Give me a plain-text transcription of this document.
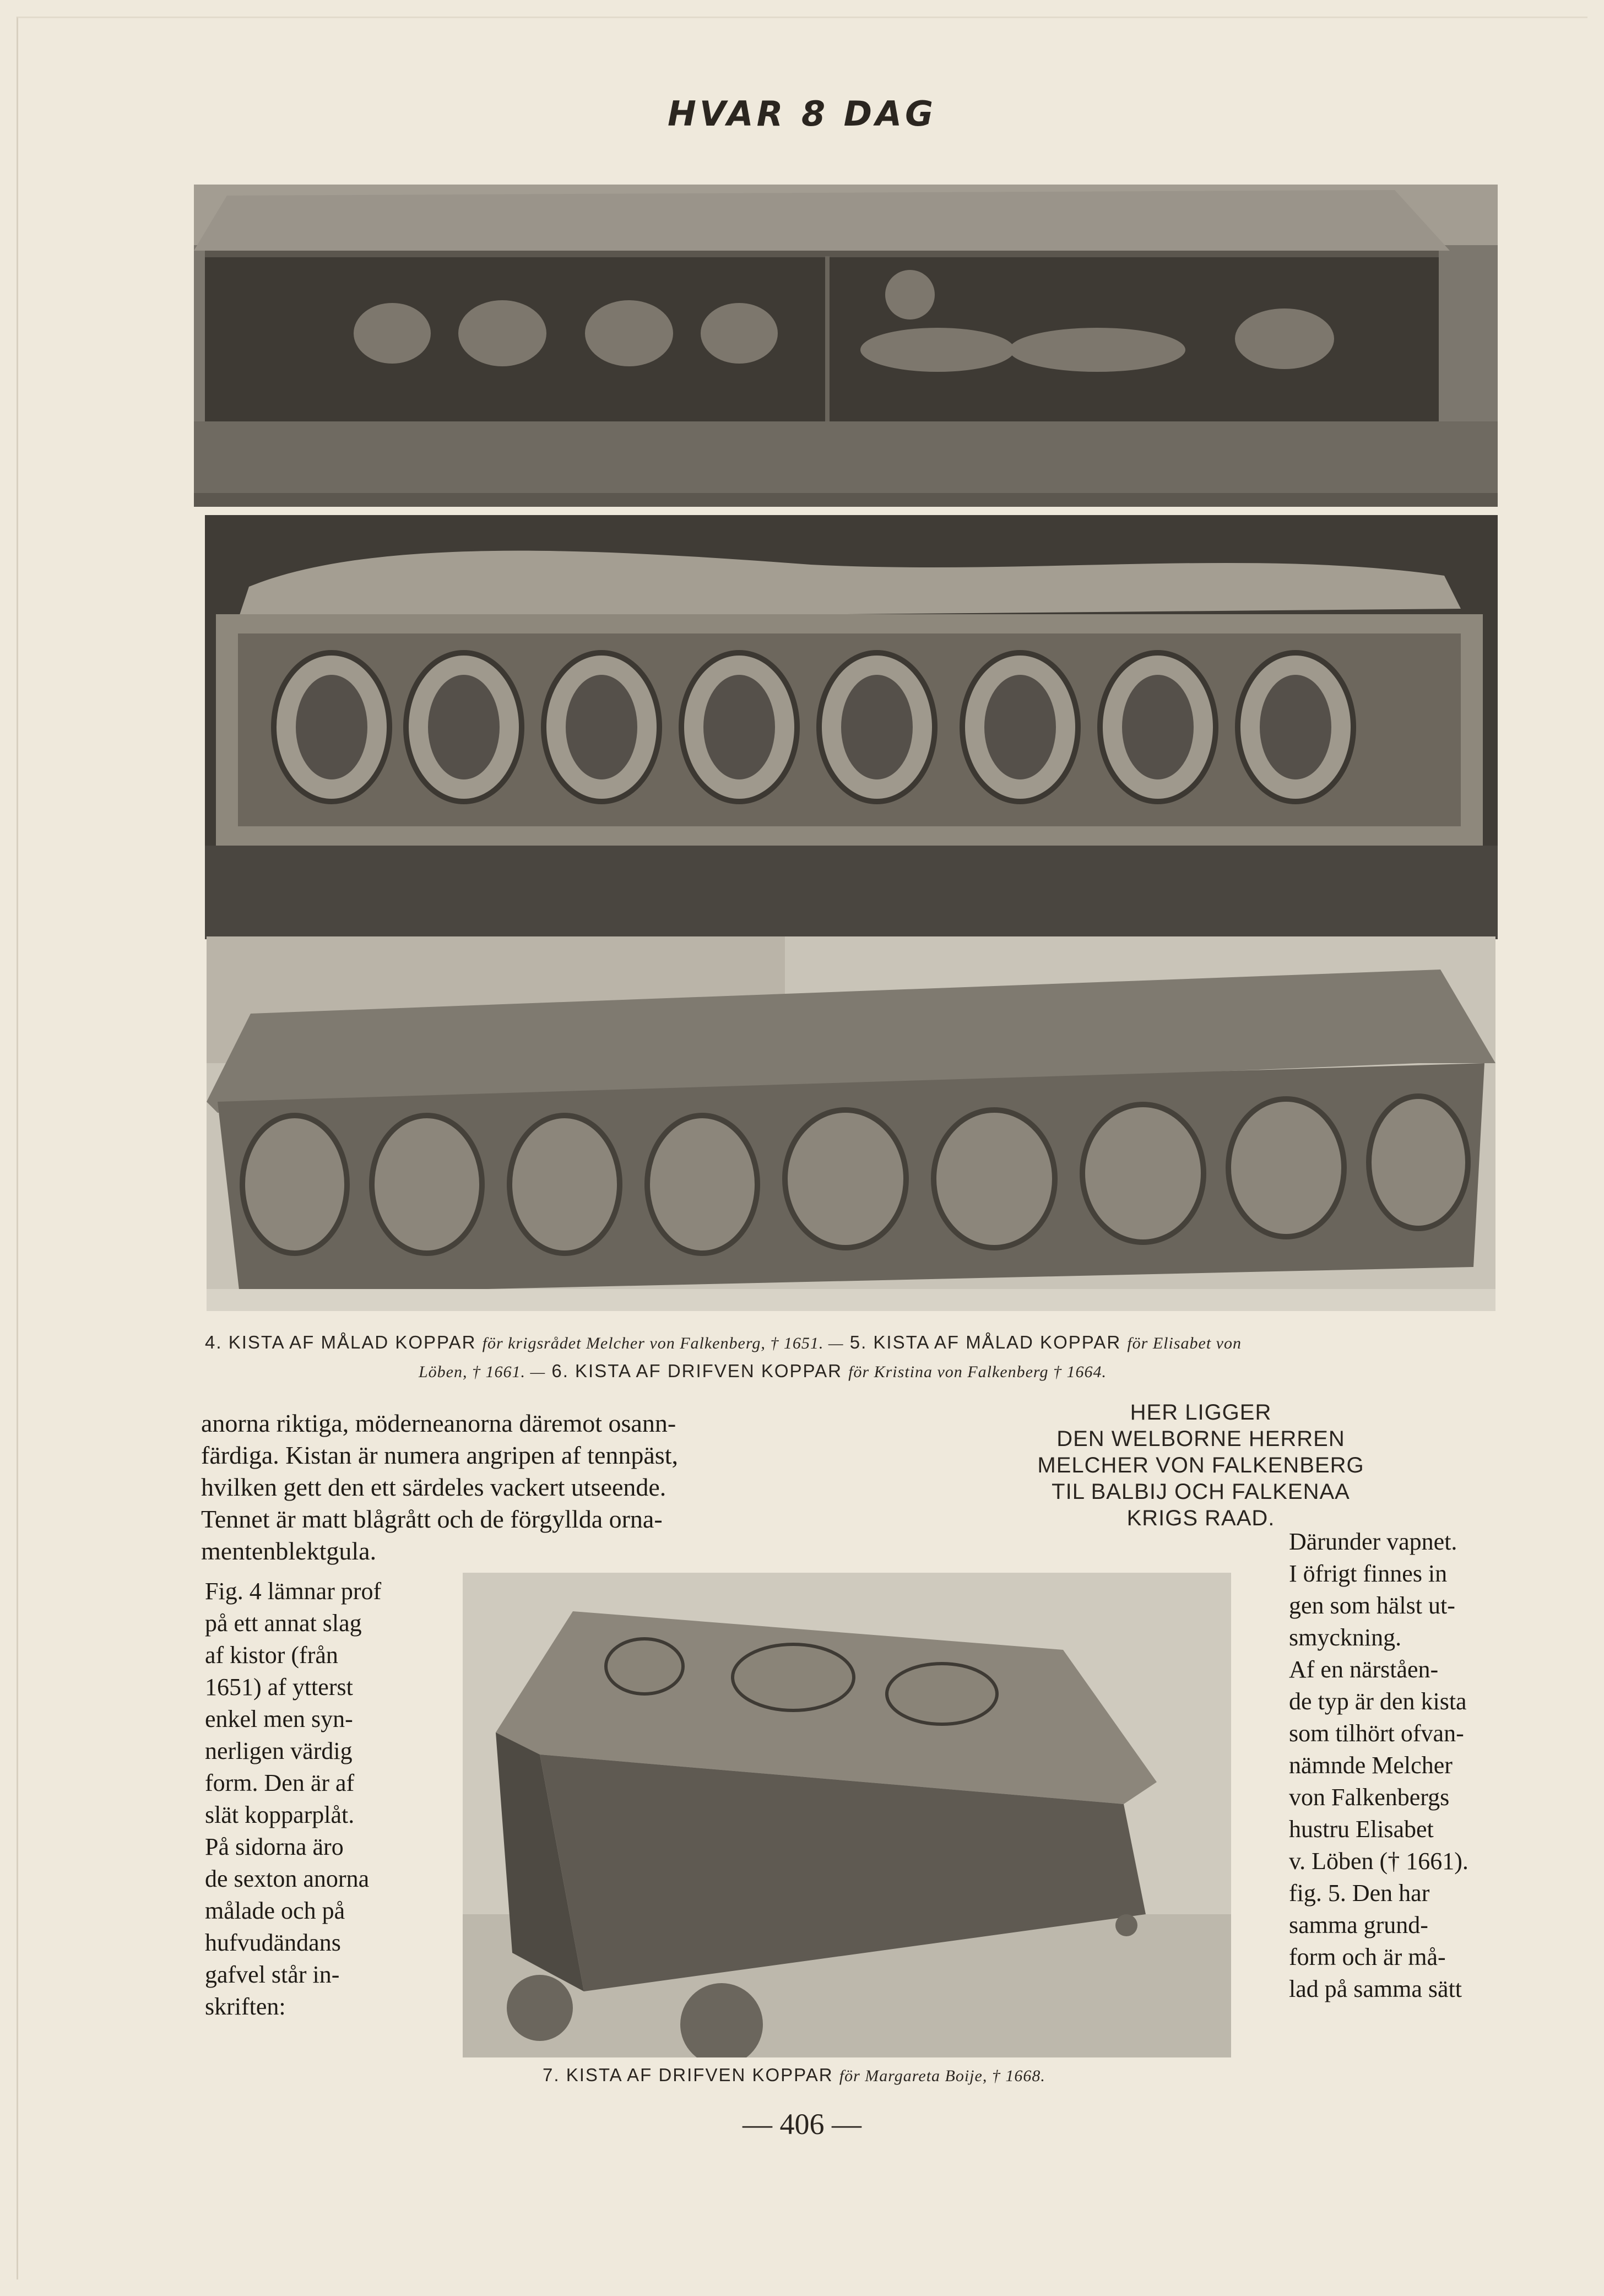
HVAR 8 DAG
4. KISTA AF MÅLAD KOPPAR för krigsrådet Melcher von Falkenberg, † 1651. — 5. KISTA AF MÅLAD KOPPAR för Elisabet von
Löben, † 1661. — 6. KISTA AF DRIFVEN KOPPAR för Kristina von Falkenberg † 1664.

anorna riktiga, möderneanorna däremot osann-

färdiga. Kistan är numera angripen af tennpäst,

hvilken gett den ett särdeles vackert utseende.

Tennet är matt blågrått och de förgyllda orna-

mentenblektgula.

HER LIGGER

DEN WELBORNE HERREN

MELCHER VON FALKENBERG

TIL BALBIJ OCH FALKENAA

KRIGS RAAD.

Fig. 4 lämnar prof

på ett annat slag

af kistor (från

1651) af ytterst

enkel men syn-

nerligen värdig

form. Den är af

slät kopparplåt.

På sidorna äro

de sexton anorna

målade och på

hufvudändans

gafvel står in-

skriften:

Därunder vapnet.

I öfrigt finnes in

gen som hälst ut-

smyckning.

Af en närståen-

de typ är den kista

som tilhört ofvan-

nämnde Melcher

von Falkenbergs

hustru Elisabet

v. Löben († 1661).

fig. 5. Den har

samma grund-

form och är må-

lad på samma sätt

7. KISTA AF DRIFVEN KOPPAR för Margareta Boije, † 1668.
— 406 —
